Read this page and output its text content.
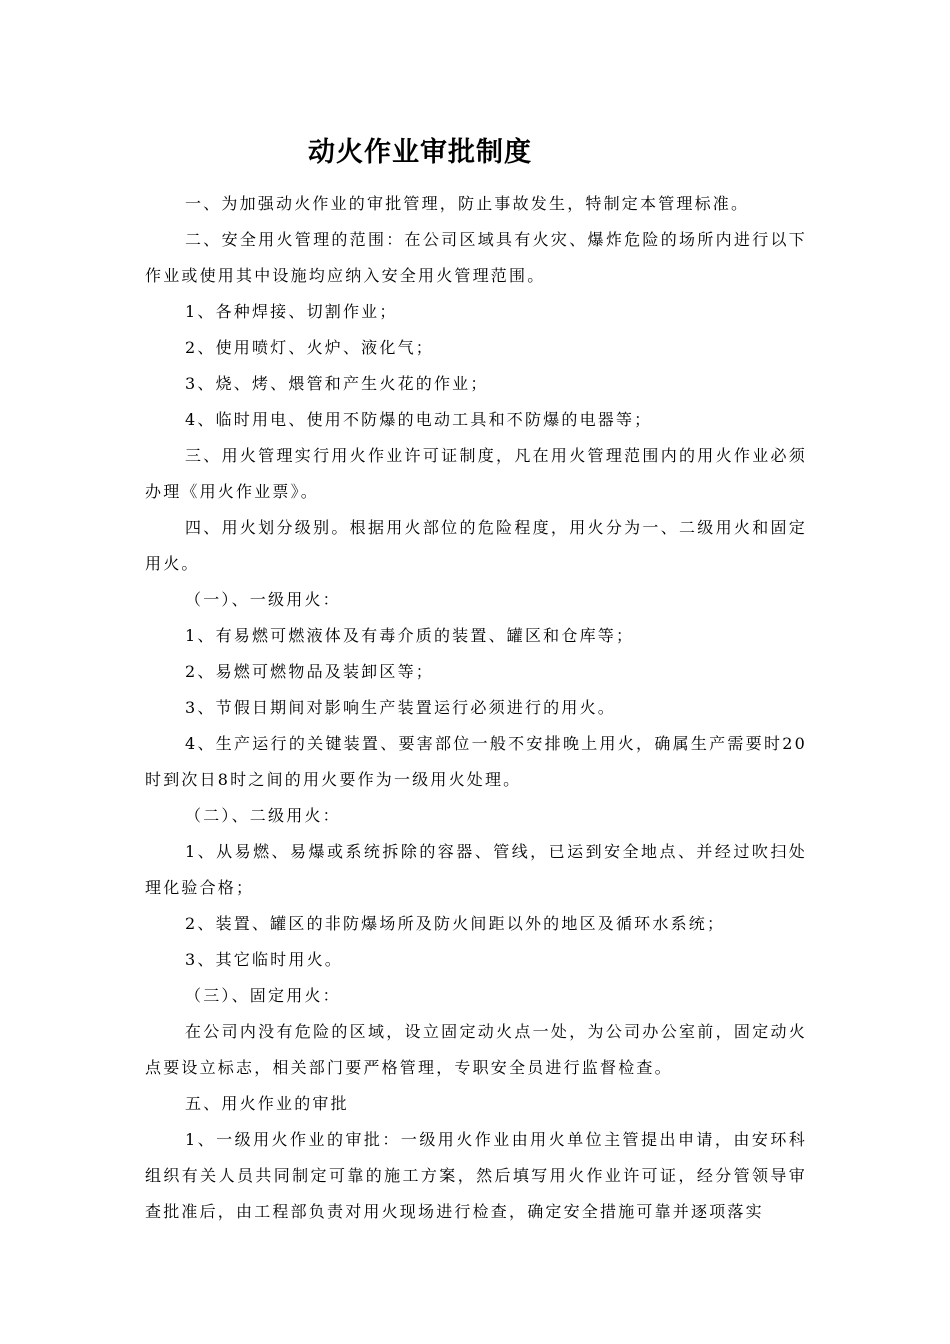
动火作业审批制度

一、为加强动火作业的审批管理，防止事故发生，特制定本管理标准。

二、安全用火管理的范围：在公司区域具有火灾、爆炸危险的场所内进行以下作业或使用其中设施均应纳入安全用火管理范围。

1、各种焊接、切割作业；

2、使用喷灯、火炉、液化气；

3、烧、烤、煨管和产生火花的作业；

4、临时用电、使用不防爆的电动工具和不防爆的电器等；

三、用火管理实行用火作业许可证制度，凡在用火管理范围内的用火作业必须办理《用火作业票》。

四、用火划分级别。根据用火部位的危险程度，用火分为一、二级用火和固定用火。

（一）、一级用火：

1、有易燃可燃液体及有毒介质的装置、罐区和仓库等；

2、易燃可燃物品及装卸区等；

3、节假日期间对影响生产装置运行必须进行的用火。

4、生产运行的关键装置、要害部位一般不安排晚上用火，确属生产需要时20时到次日8时之间的用火要作为一级用火处理。

（二）、二级用火：

1、从易燃、易爆或系统拆除的容器、管线，已运到安全地点、并经过吹扫处理化验合格；

2、装置、罐区的非防爆场所及防火间距以外的地区及循环水系统；

3、其它临时用火。

（三）、固定用火：

在公司内没有危险的区域，设立固定动火点一处，为公司办公室前，固定动火点要设立标志，相关部门要严格管理，专职安全员进行监督检查。

五、用火作业的审批

1、一级用火作业的审批：一级用火作业由用火单位主管提出申请，由安环科组织有关人员共同制定可靠的施工方案，然后填写用火作业许可证，经分管领导审查批准后，由工程部负责对用火现场进行检查，确定安全措施可靠并逐项落实
